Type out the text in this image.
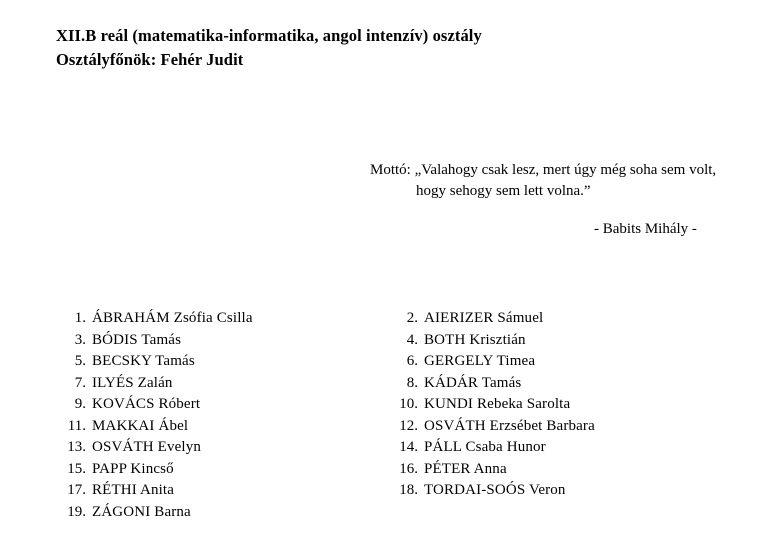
XII.B reál (matematika-informatika, angol intenzív) osztály
Osztályfőnök: Fehér Judit
Mottó: „Valahogy csak lesz, mert úgy még soha sem volt,
hogy sehogy sem lett volna.”
- Babits Mihály -
1. ÁBRAHÁM Zsófia Csilla
3. BÓDIS Tamás
5. BECSKY Tamás
7. ILYÉS Zalán
9. KOVÁCS Róbert
11. MAKKAI Ábel
13. OSVÁTH Evelyn
15. PAPP Kincső
17. RÉTHI Anita
19. ZÁGONI Barna
2. AIERIZER Sámuel
4. BOTH Krisztián
6. GERGELY Timea
8. KÁDÁR Tamás
10. KUNDI Rebeka Sarolta
12. OSVÁTH Erzsébet Barbara
14. PÁLL Csaba Hunor
16. PÉTER Anna
18. TORDAI-SOÓS Veron
